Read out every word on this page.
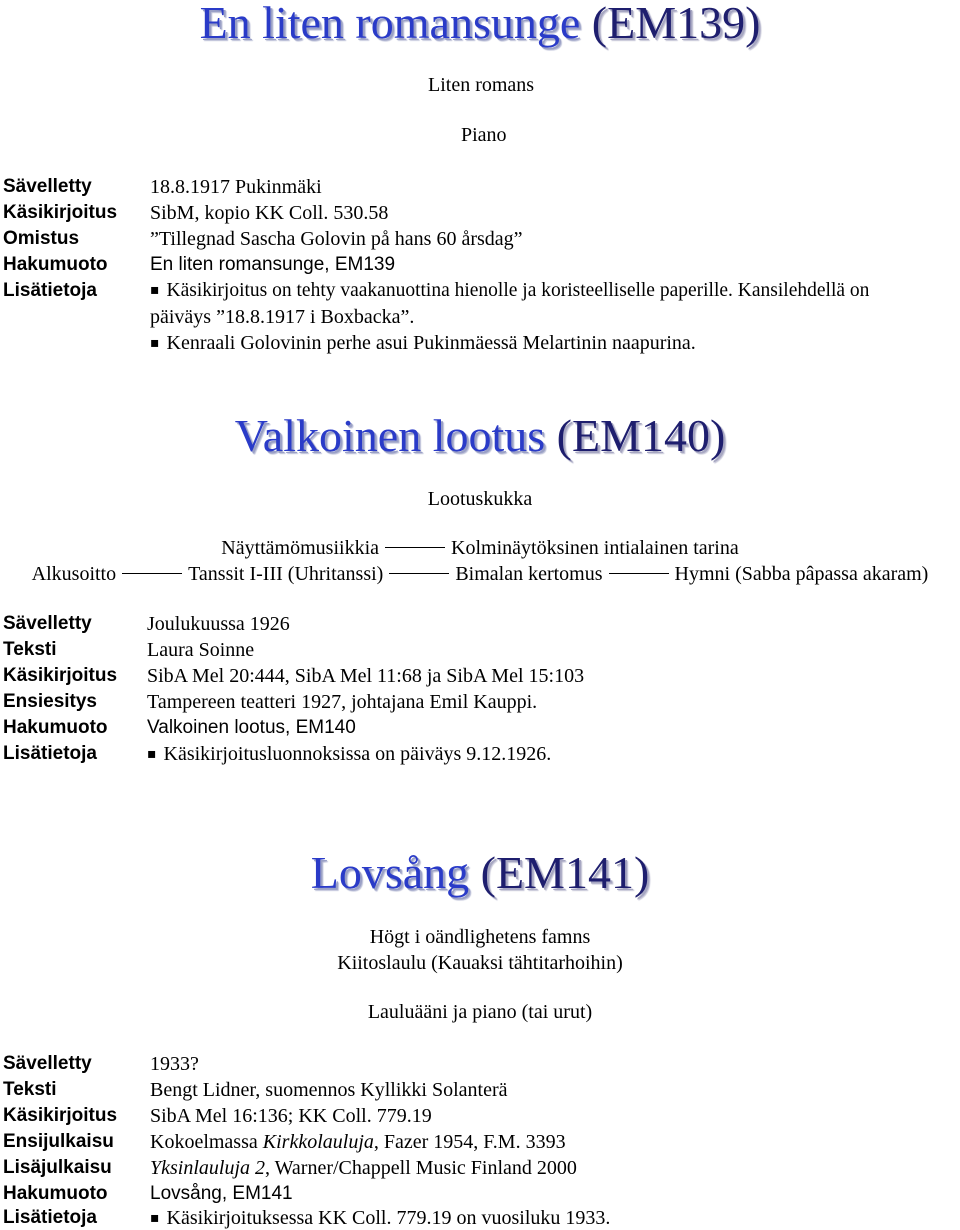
En liten romansunge (EM139)
Liten romans
Piano
Sävelletty	18.8.1917 Pukinmäki
Käsikirjoitus SibM, kopio KK Coll. 530.58
Omistus	”Tillegnad Sascha Golovin på hans 60 årsdag”
Hakumuoto En liten romansunge, EM139
Lisätietoja	▪ Käsikirjoitus on tehty vaakanuottina hienolle ja koristeelliselle paperille. Kansilehdellä on
päiväys ”18.8.1917 i Boxbacka”.
▪ Kenraali Golovinin perhe asui Pukinmäessä Melartinin naapurina.
Valkoinen lootus (EM140)
Lootuskukka
Näyttämömusiikkia	Kolminäytöksinen intialainen tarina
Alkusoitto	Tanssit I-III (Uhritanssi)	Bimalan kertomus	Hymni (Sabba pâpassa akaram)
Sävelletty	Joulukuussa 1926
Teksti	Laura Soinne
Käsikirjoitus SibA Mel 20:444, SibA Mel 11:68 ja SibA Mel 15:103
Ensiesitys	Tampereen teatteri 1927, johtajana Emil Kauppi.
Hakumuoto Valkoinen lootus, EM140
Lisätietoja	▪ Käsikirjoitusluonnoksissa on päiväys 9.12.1926.
Lovsång (EM141)
Högt i oändlighetens famns
Kiitoslaulu (Kauaksi tähtitarhoihin)
Lauluääni ja piano (tai urut)
Sävelletty	1933?
Teksti	Bengt Lidner, suomennos Kyllikki Solanterä
Käsikirjoitus SibA Mel 16:136; KK Coll. 779.19
Ensijulkaisu Kokoelmassa Kirkkolauluja, Fazer 1954, F.M. 3393
Lisäjulkaisu Yksinlauluja 2, Warner/Chappell Music Finland 2000
Hakumuoto Lovsång, EM141
Lisätietoja	▪ Käsikirjoituksessa KK Coll. 779.19 on vuosiluku 1933.
